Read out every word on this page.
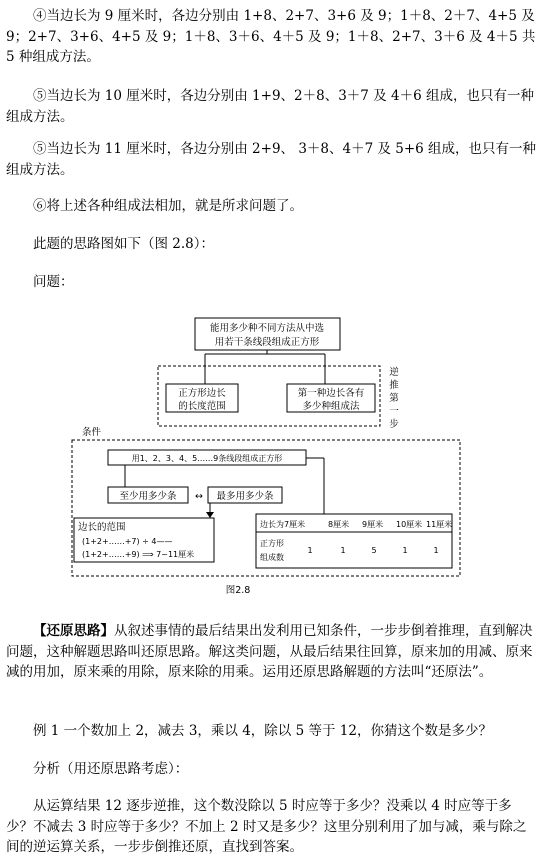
④当边长为 9 厘米时，各边分别由 1+8、2+7、3+6 及 9；1＋8、2＋7、4+5 及 9；2+7、3+6、4+5 及 9；1＋8、3＋6、4＋5 及 9；1＋8、2+7、3＋6 及 4＋5 共 5 种组成方法。

⑤当边长为 10 厘米时，各边分别由 1+9、2＋8、3＋7 及 4＋6 组成，也只有一种组成方法。

⑤当边长为 11 厘米时，各边分别由 2+9、 3＋8、4＋7 及 5+6 组成，也只有一种组成方法。

⑥将上述各种组成法相加，就是所求问题了。

此题的思路图如下（图 2.8）：

问题：

能用多少种不同方法从中选
用若干条线段组成正方形
正方形边长
的长度范围
第一种边长各有
多少种组成法
逆
推
第
一
步
条件
用1、2、3、4、5……9条线段组成正方形
至少用多少条 ↔ 最多用多少条
边长的范围
(1+2+……+7) ÷ 4——
(1+2+……+9) ⟹ 7~11厘米
边长为7厘米	8厘米 9厘米 10厘米 11厘米
正方形
组成数
1	1	5	1	1
图2.8

【还原思路】从叙述事情的最后结果出发利用已知条件，一步步倒着推理，直到解决问题，这种解题思路叫还原思路。解这类问题，从最后结果往回算，原来加的用减、原来减的用加，原来乘的用除，原来除的用乘。运用还原思路解题的方法叫“还原法”。

例 1 一个数加上 2，减去 3，乘以 4，除以 5 等于 12，你猜这个数是多少？

分析（用还原思路考虑）：

从运算结果 12 逐步逆推，这个数没除以 5 时应等于多少？没乘以 4 时应等于多少？不减去 3 时应等于多少？不加上 2 时又是多少？这里分别利用了加与减，乘与除之间的逆运算关系，一步步倒推还原，直找到答案。
